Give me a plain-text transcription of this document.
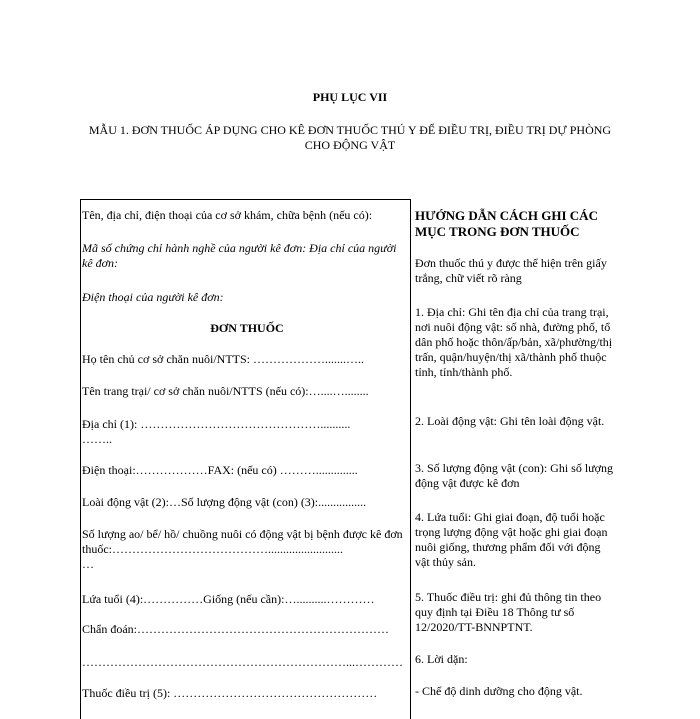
PHỤ LỤC VII
MẪU 1. ĐƠN THUỐC ÁP DỤNG CHO KÊ ĐƠN THUỐC THÚ Y ĐỂ ĐIỀU TRỊ, ĐIỀU TRỊ DỰ PHÒNG CHO ĐỘNG VẬT
Tên, địa chỉ, điện thoại của cơ sở khám, chữa bệnh (nếu có):
Mã số chứng chỉ hành nghề của người kê đơn: Địa chỉ của người kê đơn:
Điện thoại của người kê đơn:
ĐƠN THUỐC
Họ tên chủ cơ sở chăn nuôi/NTTS: ……………….......…..
Tên trang trại/ cơ sở chăn nuôi/NTTS (nếu có):…....…........
Địa chỉ (1): ………………………………………..........
……..
Điện thoại:………………FAX: (nếu có) ………..............
Loài động vật (2):…Số lượng động vật (con) (3):................
Số lượng ao/ bể/ hồ/ chuồng nuôi có động vật bị bệnh được kê đơn thuốc:………………………………….........................
…
Lứa tuổi (4):……………Giống (nếu cần):…..........…………
Chẩn đoán:………………………………………………………
…………………………………………………………...…………
Thuốc điều trị (5): ……………………………………………
HƯỚNG DẪN CÁCH GHI CÁC MỤC TRONG ĐƠN THUỐC
Đơn thuốc thú y được thể hiện trên giấy trắng, chữ viết rõ ràng
1. Địa chỉ: Ghi tên địa chỉ của trang trại, nơi nuôi động vật: số nhà, đường phố, tổ dân phố hoặc thôn/ấp/bản, xã/phường/thị trấn, quận/huyện/thị xã/thành phố thuộc tỉnh, tỉnh/thành phố.
2. Loài động vật: Ghi tên loài động vật.
3. Số lượng động vật (con): Ghi số lượng động vật được kê đơn
4. Lứa tuổi: Ghi giai đoạn, độ tuổi hoặc trọng lượng động vật hoặc ghi giai đoạn nuôi giống, thương phẩm đối với động vật thủy sản.
5. Thuốc điều trị: ghi đủ thông tin theo quy định tại Điều 18 Thông tư số 12/2020/TT-BNNPTNT.
6. Lời dặn:
- Chế độ dinh dưỡng cho động vật.
